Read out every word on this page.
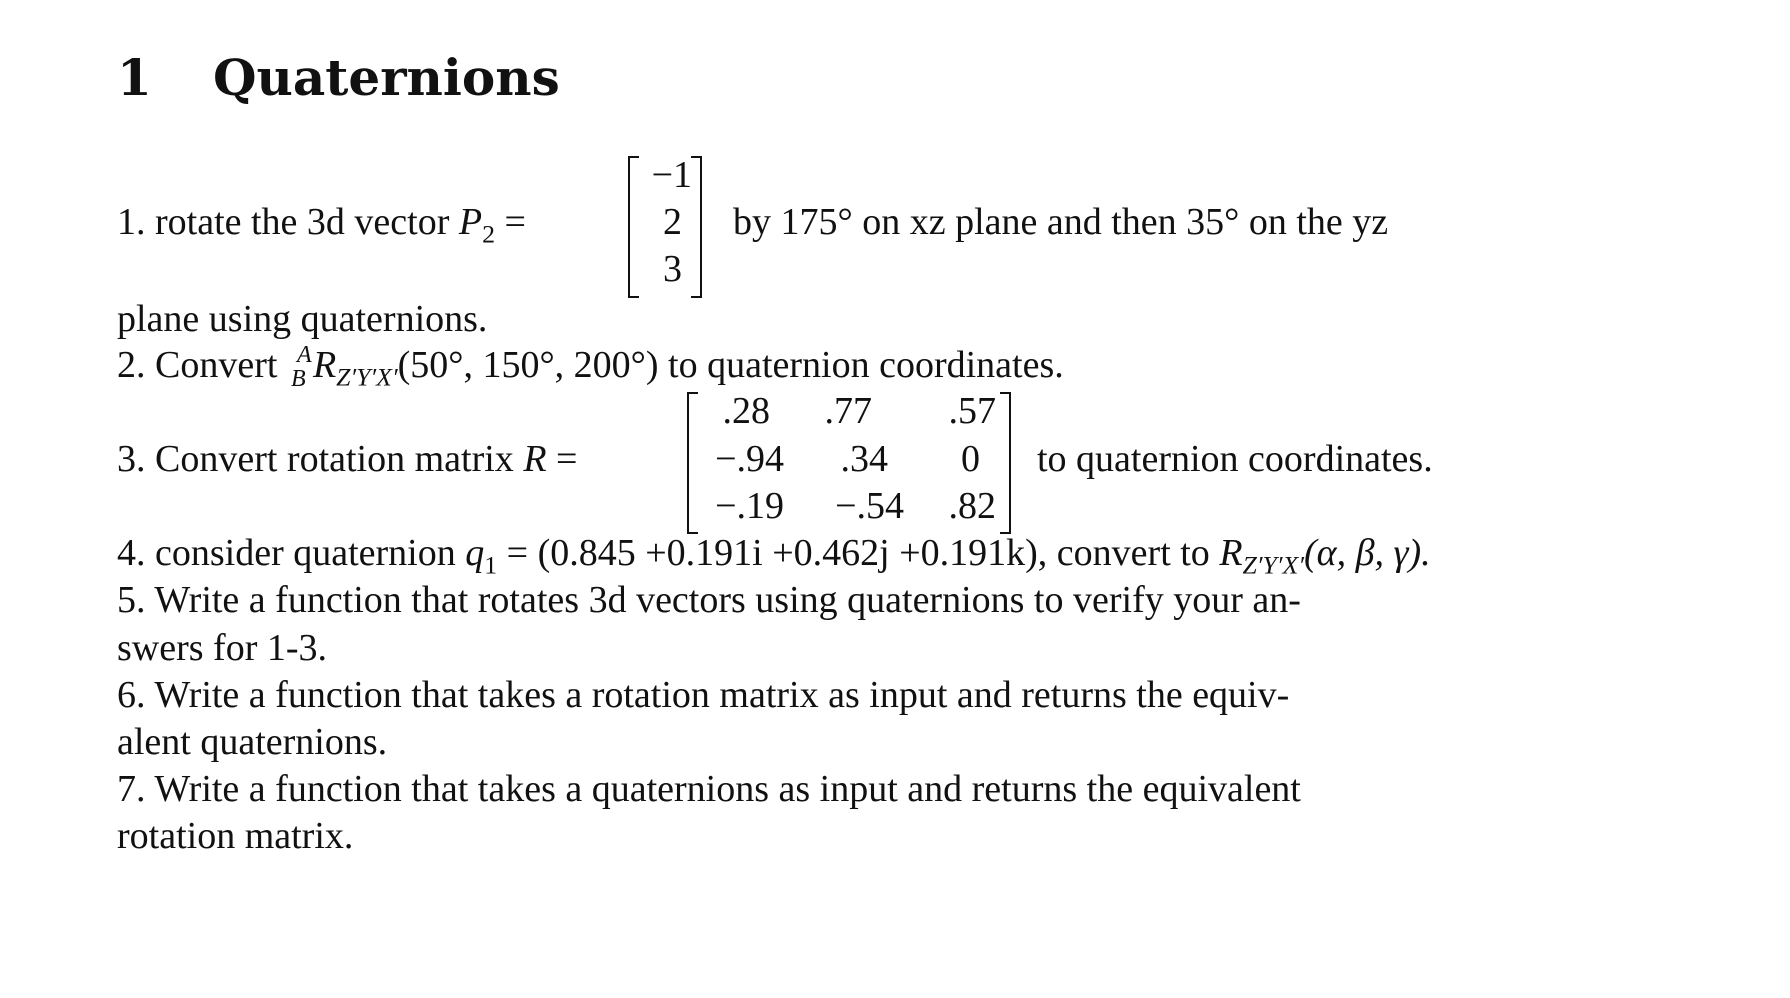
1 Quaternions
1. rotate the 3d vector $P_2$ =
−1
2
3
by 175° on xz plane and then 35° on the yz
plane using quaternions.
2. Convert A
B $R_{Z'Y'X'}(50^\circ$, 150°, 200°) to quaternion coordinates.
3. Convert rotation matrix R =
.28	.77	.57
−.94	.34	0
−.19	−.54	.82
to quaternion coordinates.
4. consider quaternion $q_1 = (0.845 +0.191i +0.462j +0.191k)$, convert to $R_{Z'Y'X'}(\alpha$, β, γ).
5. Write a function that rotates 3d vectors using quaternions to verify your an-
swers for 1-3.
6. Write a function that takes a rotation matrix as input and returns the equiv-
alent quaternions.
7. Write a function that takes a quaternions as input and returns the equivalent
rotation matrix.
